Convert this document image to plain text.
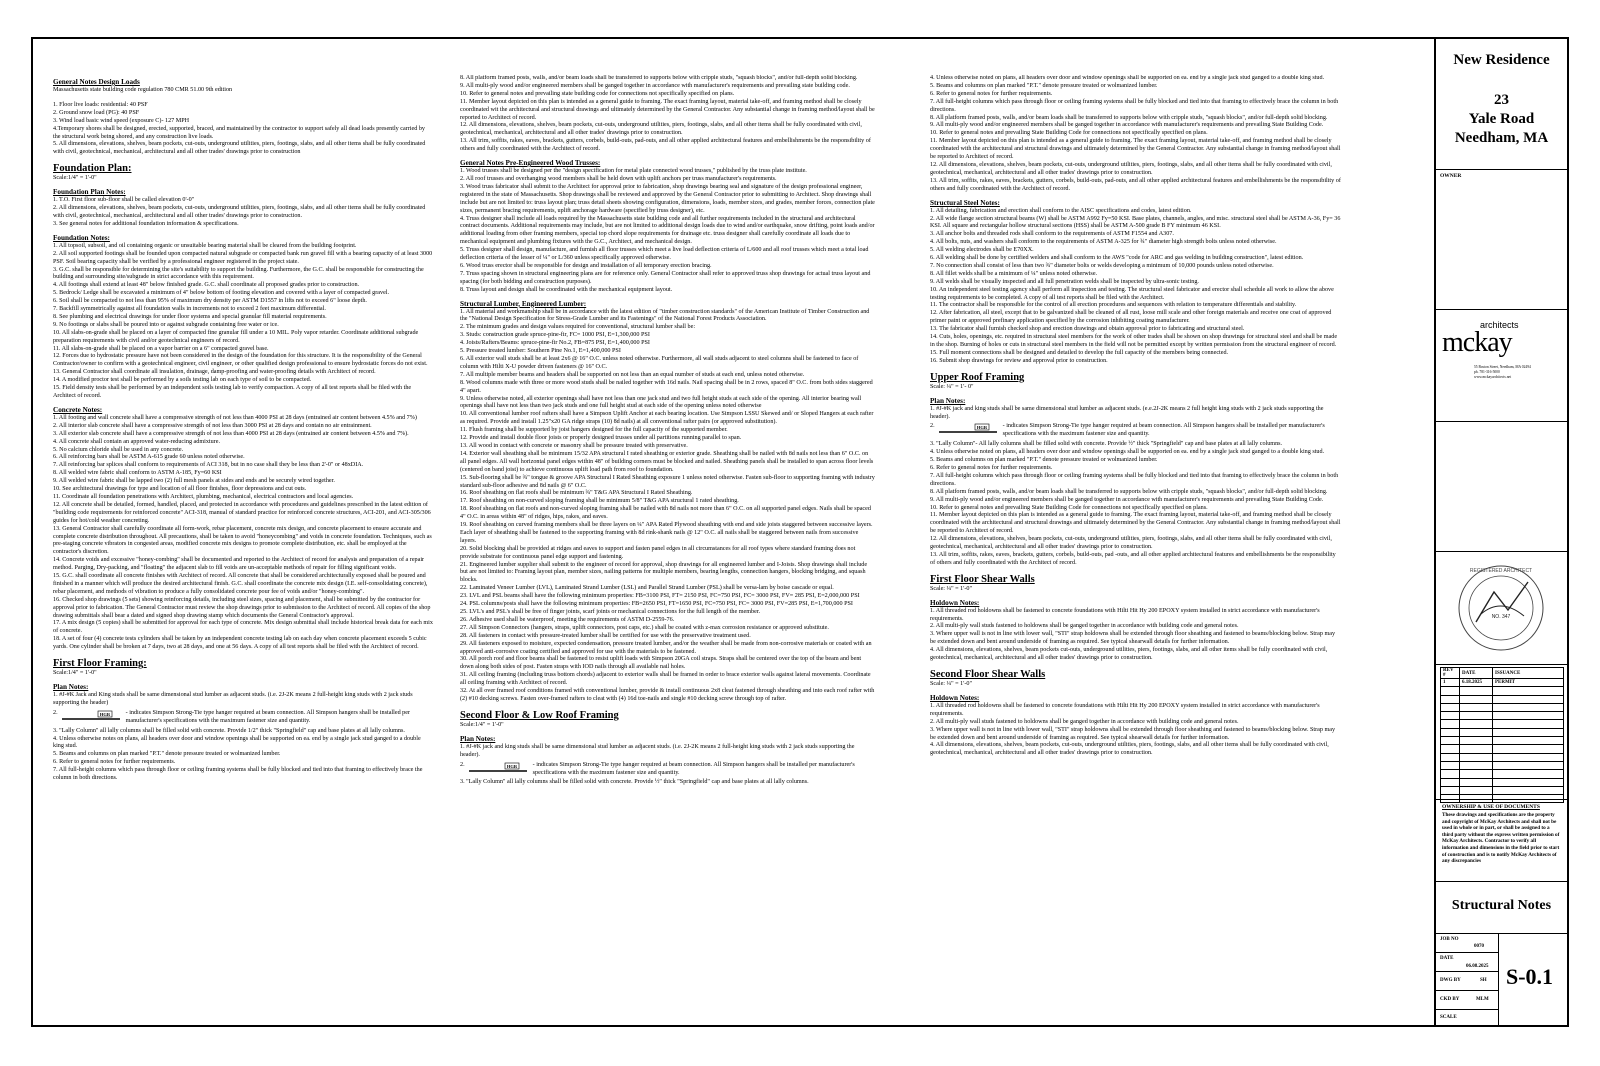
General Notes Design Loads
Massachusetts state building code regulation 780 CMR 51.00 9th edition
1. Floor live loads: residential: 40 PSF
2. Ground snow load (PG): 40 PSF
3. Wind load basic wind speed (exposure C)- 127 MPH
4.Temporary shores shall be designed, erected, supported, braced, and maintained by the contractor to support safely all dead loads presently carried by the structural work being shored, and any construction live loads.
5. All dimensions, elevations, shelves, beam pockets, cut-outs, underground utilities, piers, footings, slabs, and all other items shall be fully coordinated with civil, geotechnical, mechanical, architectural and all other trades' drawings prior to construction
Foundation Plan:
Scale:1/4" = 1'-0"
Foundation Plan Notes:
1. T.O. First floor sub-floor shall be called elevation 0'-0"
2. All dimensions, elevations, shelves, beam pockets, cut-outs, underground utilities, piers, footings, slabs, and all other items shall be fully coordinated with civil, geotechnical, mechanical, architectural and all other trades' drawings prior to construction.
3. See general notes for additional foundation information & specifications.
Foundation Notes:
1. All topsoil, subsoil, and oil containing organic or unsuitable bearing material shall be cleared from the building footprint.
2. All soil supported footings shall be founded upon compacted natural subgrade or compacted bank run gravel fill with a bearing capacity of at least 3000 PSF. Soil bearing capacity shall be verified by a professional engineer registered in the project state.
3. G.C. shall be responsible for determining the site's suitability to support the building. Furthermore, the G.C. shall be responsible for constructing the building and surrounding site/subgrade in strict accordance with this requirement.
4. All footings shall extend at least 48" below finished grade. G.C. shall coordinate all proposed grades prior to construction.
5. Bedrock/ Ledge shall be excavated a minimum of 4" below bottom of footing elevation and covered with a layer of compacted gravel.
6. Soil shall be compacted to not less than 95% of maximum dry density per ASTM D1557 in lifts not to exceed 6" loose depth.
7. Backfill symmetrically against all foundation walls in increments not to exceed 2 feet maximum differential.
8. See plumbing and electrical drawings for under floor systems and special granular fill material requirements.
9. No footings or slabs shall be poured into or against subgrade containing free water or ice.
10. All slabs-on-grade shall be placed on a layer of compacted fine granular fill under a 10 MIL. Poly vapor retarder. Coordinate additional subgrade preparation requirements with civil and/or geotechnical engineers of record.
11. All slabs-on-grade shall be placed on a vapor barrier on a 6" compacted gravel base.
12. Forces due to hydrostatic pressure have not been considered in the design of the foundation for this structure. It is the responsibility of the General Contractor/owner to confirm with a geotechnical engineer, civil engineer, or other qualified design professional to ensure hydrostatic forces do not exist.
13. General Contractor shall coordinate all insulation, drainage, damp-proofing and water-proofing details with Architect of record.
14. A modified proctor test shall be performed by a soils testing lab on each type of soil to be compacted.
15. Field density tests shall be performed by an independent soils testing lab to verify compaction. A copy of all test reports shall be filed with the Architect of record.
Concrete Notes:
1. All footing and wall concrete shall have a compressive strength of not less than 4000 PSI at 28 days (entrained air content between 4.5% and 7%)
2. All interior slab concrete shall have a compressive strength of not less than 3000 PSI at 28 days and contain no air entrainment.
3. All exterior slab concrete shall have a compressive strength of not less than 4000 PSI at 28 days (entrained air content between 4.5% and 7%).
4. All concrete shall contain an approved water-reducing admixture.
5. No calcium chloride shall be used in any concrete.
6. All reinforcing bars shall be ASTM A-615 grade 60 unless noted otherwise.
7. All reinforcing bar splices shall conform to requirements of ACI 318, but in no case shall they be less than 2'-0" or 48xDIA.
8. All welded wire fabric shall conform to ASTM A-185, Fy=60 KSI
9. All welded wire fabric shall be lapped two (2) full mesh panels at sides and ends and be securely wired together.
10. See architectural drawings for type and location of all floor finishes, floor depressions and cut outs.
11. Coordinate all foundation penetrations with Architect, plumbing, mechanical, electrical contractors and local agencies.
12. All concrete shall be detailed, formed, handled, placed, and protected in accordance with procedures and guidelines prescribed in the latest edition of "building code requirements for reinforced concrete" ACI-318, manual of standard practice for reinforced concrete structures, ACI-201, and ACI-305/306 guides for hot/cold weather concreting.
13. General Contractor shall carefully coordinate all form-work, rebar placement, concrete mix design, and concrete placement to ensure accurate and complete concrete distribution throughout. All precautions, shall be taken to avoid "honeycombing" and voids in concrete foundation. Techniques, such as pre-staging concrete vibrators in congested areas, modified concrete mix designs to promote complete distribution, etc. shall be employed at the contractor's discretion.
14. Concrete voids and excessive "honey-combing" shall be documented and reported to the Architect of record for analysis and preparation of a repair method. Parging, Dry-packing, and "floating" the adjacent slab to fill voids are un-acceptable methods of repair for filling significant voids.
15. G.C. shall coordinate all concrete finishes with Architect of record. All concrete that shall be considered architecturally exposed shall be poured and finished in a manner which will produce the desired architectural finish. G.C. shall coordinate the concrete mix design (I.E. self-consolidating concrete), rebar placement, and methods of vibration to produce a fully consolidated concrete pour fee of voids and/or "honey-combing".
16. Checked shop drawings (5 sets) showing reinforcing details, including steel sizes, spacing and placement, shall be submitted by the contractor for approval prior to fabrication. The General Contractor must review the shop drawings prior to submission to the Architect of record. All copies of the shop drawing submittals shall bear a dated and signed shop drawing stamp which documents the General Contractor's approval.
17. A mix design (5 copies) shall be submitted for approval for each type of concrete. Mix design submittal shall include historical break data for each mix of concrete.
18. A set of four (4) concrete tests cylinders shall be taken by an independent concrete testing lab on each day when concrete placement exceeds 5 cubic yards. One cylinder shall be broken at 7 days, two at 28 days, and one at 56 days. A copy of all test reports shall be filed with the Architect of record.
First Floor Framing:
Scale:1/4" = 1'-0"
Plan Notes:
1. #J-#K Jack and King studs shall be same dimensional stud lumber as adjacent studs. (i.e. 2J-2K means 2 full-height king studs with 2 jack studs supporting the header)
2.	HGR	- indicates Simpson Strong-Tie type hanger required at beam connection. All Simpson hangers shall be installed per manufacturer's specifications with the maximum fastener size and quantity.
3. "Lally Column" all lally columns shall be filled solid with concrete. Provide 1/2" thick "Springfield" cap and base plates at all lally columns.
4. Unless otherwise notes on plans, all headers over door and window openings shall be supported on ea. end by a single jack stud ganged to a double king stud.
5. Beams and columns on plan marked "P.T." denote pressure treated or wolmanized lumber.
6. Refer to general notes for further requirements.
7. All full-height columns which pass through floor or ceiling framing systems shall be fully blocked and tied into that framing to effectively brace the column in both directions.
8. All platform framed posts, walls, and/or beam loads shall be transferred to supports below with cripple studs, "squash blocks", and/or full-depth solid blocking.
9. All multi-ply wood and/or engineered members shall be ganged together in accordance with manufacturer's requirements and prevailing state building code.
10. Refer to general notes and prevailing state building code for connections not specifically specified on plans.
11. Member layout depicted on this plan is intended as a general guide to framing. The exact framing layout, material take-off, and framing method shall be closely coordinated wit the architectural and structural drawings and ultimately determined by the General Contractor. Any substantial change in framing method/layout shall be reported to Architect of record.
12. All dimensions, elevations, shelves, beam pockets, cut-outs, underground utilities, piers, footings, slabs, and all other items shall be fully coordinated with civil, geotechnical, mechanical, architectural and all other trades' drawings prior to construction.
13. All trim, soffits, rakes, eaves, brackets, gutters, corbels, build-outs, pad-outs, and all other applied architectural features and embellishments be the responsibility of others and fully coordinated with the Architect of record.
General Notes Pre-Engineered Wood Trusses:
1. Wood trusses shall be designed per the "design specification for metal plate connected wood trusses," published by the truss plate institute.
2. All roof trusses and overhanging wood members shall be held down with uplift anchors per truss manufacturer's requirements.
3. Wood truss fabricator shall submit to the Architect for approval prior to fabrication, shop drawings bearing seal and signature of the design professional engineer, registered in the state of Massachusetts. Shop drawings shall be reviewed and approved by the General Contractor prior to submitting to Architect. Shop drawings shall include but are not limited to: truss layout plan; truss detail sheets showing configuration, dimensions, loads, member sizes, and grades, member forces, connection plate sizes, permanent bracing requirements, uplift anchorage hardware (specified by truss designer), etc.
4. Truss designer shall include all loads required by the Massachusetts state building code and all further requirements included in the structural and architectural contract documents. Additional requirements may include, but are not limited to additional design loads due to wind and/or earthquake, snow drifting, point loads and/or additional loading from other framing members, special top chord slope requirements for drainage etc. truss designer shall carefully coordinate all loads due to mechanical equipment and plumbing fixtures with the G.C., Architect, and mechanical design.
5. Truss designer shall design, manufacture, and furnish all floor trusses which meet a live load deflection criteria of L/600 and all roof trusses which meet a total load deflection criteria of the lesser of ¼" or L/360 unless specifically approved otherwise.
6. Wood truss erector shall be responsible for design and installation of all temporary erection bracing.
7. Truss spacing shown in structural engineering plans are for reference only. General Contractor shall refer to approved truss shop drawings for actual truss layout and spacing (for both bidding and construction purposes).
8. Truss layout and design shall be coordinated with the mechanical equipment layout.
Structural Lumber, Engineered Lumber:
1. All material and workmanship shall be in accordance with the latest edition of "timber construction standards" of the American Institute of Timber Construction and the "National Design Specification for Stress-Grade Lumber and its Fastenings" of the National Forest Products Association.
2. The minimum grades and design values required for conventional, structural lumber shall be:
3. Studs: construction grade spruce-pine-fir, FC= 1000 PSI, E=1,300,000 PSI
4. Joists/Rafters/Beams: spruce-pine-fir No.2, FB=875 PSI, E=1,400,000 PSI
5. Pressure treated lumber: Southern Pine No.1, E=1,400,000 PSI
6. All exterior wall studs shall be at least 2x6 @ 16" O.C. unless noted otherwise. Furthermore, all wall studs adjacent to steel columns shall be fastened to face of column with Hilti X-U powder driven fasteners @ 16" O.C.
7. All multiple member beams and headers shall be supported on not less than an equal number of studs at each end, unless noted otherwise.
8. Wood columns made with three or more wood studs shall be nailed together with 16d nails. Nail spacing shall be in 2 rows, spaced 8" O.C. from both sides staggered 4" apart.
9. Unless otherwise noted, all exterior openings shall have not less than one jack stud and two full height studs at each side of the opening. All interior bearing wall openings shall have not less than two jack studs and one full height stud at each side of the opening unless noted otherwise
10. All conventional lumber roof rafters shall have a Simpson Uplift Anchor at each bearing location. Use Simpson LSSU Skewed and/ or Sloped Hangers at each rafter as required. Provide and install 1.25"x20 GA ridge straps (10) 8d nails) at all conventional rafter pairs (or approved substitution).
11. Flush framing shall be supported by joist hangers designed for the full capacity of the supported member.
12. Provide and install double floor joists or properly designed trusses under all partitions running parallel to span.
13. All wood in contact with concrete or masonry shall be pressure treated with preservative.
14. Exterior wall sheathing shall be minimum 15/32 APA structural I rated sheathing or exterior grade. Sheathing shall be nailed with 8d nails not less than 6" O.C. on all panel edges. All wall horizontal panel edges within 48" of building corners must be blocked and nailed. Sheathing panels shall be installed to span across floor levels (centered on band joist) to achieve continuous uplift load path from roof to foundation.
15. Sub-flooring shall be ¾" tongue & groove APA Structural I Rated Sheathing exposure 1 unless noted otherwise. Fasten sub-floor to supporting framing with industry standard sub-floor adhesive and 8d nails @ 6" O.C.
16. Roof sheathing on flat roofs shall be minimum ¾" T&G APA Structural I Rated Sheathing.
17. Roof sheathing on non-curved sloping framing shall be minimum 5/8" T&G APA structural 1 rated sheathing.
18. Roof sheathing on flat roofs and non-curved sloping framing shall be nailed with 8d nails not more than 6" O.C. on all supported panel edges. Nails shall be spaced 4" O.C. in areas within 48" of ridges, hips, rakes, and eaves.
19. Roof sheathing on curved framing members shall be three layers on ¼" APA Rated Plywood sheathing with end and side joists staggered between successive layers. Each layer of sheathing shall be fastened to the supporting framing with 8d rink-shank nails @ 12" O.C. all nails shall be staggered between nails from successive layers.
20. Solid blocking shall be provided at ridges and eaves to support and fasten panel edges in all circumstances for all roof types where standard framing does not provide substrate for continuous panel edge support and fastening.
21. Engineered lumber supplier shall submit to the engineer of record for approval, shop drawings for all engineered lumber and I-Joists. Shop drawings shall include but are not limited to: Framing layout plan, member sizes, nailing patterns for multiple members, bearing lengths, connection hangers, blocking bridging, and squash blocks.
22. Laminated Veneer Lumber (LVL), Laminated Strand Lumber (LSL) and Parallel Strand Lumber (PSL) shall be versa-lam by boise cascade or equal.
23. LVL and PSL beams shall have the following minimum properties: FB=3100 PSI, FT= 2150 PSI, FC=750 PSI, FC= 3000 PSI, FV= 285 PSI, E=2,000,000 PSI
24. PSL columns/posts shall have the following minimum properties: FB=2650 PSI, FT=1650 PSI, FC=750 PSI, FC= 3000 PSI, FV=285 PSI, E=1,700,000 PSI
25. LVL's and PSL's shall be free of finger joints, scarf joints or mechanical connections for the full length of the member.
26. Adhesive used shall be waterproof, meeting the requirements of ASTM D-2559-76.
27. All Simpson Connectors (hangers, straps, uplift connectors, post caps, etc.) shall be coated with z-max corrosion resistance or approved substitute.
28. All fasteners in contact with pressure-treated lumber shall be certified for use with the preservative treatment used.
29. All fasteners exposed to moisture, expected condensation, pressure treated lumber, and/or the weather shall be made from non-corrosive materials or coated with an approved anti-corrosive coating certified and approved for use with the materials to be fastened.
30. All porch roof and floor beams shall be fastened to resist uplift loads with Simpson 20GA coil straps. Straps shall be centered over the top of the beam and bent down along both sides of post. Fasten straps with IOD nails through all available nail holes.
31. All ceiling framing (including truss bottom chords) adjacent to exterior walls shall be framed in order to brace exterior walls against lateral movements. Coordinate all ceiling framing with Architect of record.
32. At all over framed roof conditions framed with conventional lumber, provide & install continuous 2x8 cleat fastened through sheathing and into each roof rafter with (2) #10 decking screws. Fasten over-framed rafters to cleat with (4) 16d toe-nails and single #10 decking screw through top of rafter.
Second Floor & Low Roof Framing
Scale:1/4" = 1'-0"
Plan Notes:
1. #J-#K jack and king studs shall be same dimensional stud lumber as adjacent studs. (i.e. 2J-2K means 2 full-height king studs with 2 jack studs supporting the header).
2.	HGR	- indicates Simpson Strong-Tie type hanger required at beam connection. All Simpson hangers shall be installed per manufacturer's specifications with the maximum fastener size and quantity.
3. "Lally Column" all lally columns shall be filled solid with concrete. Provide ½" thick "Springfield" cap and base plates at all lally columns.
4. Unless otherwise noted on plans, all headers over door and window openings shall be supported on ea. end by a single jack stud ganged to a double king stud.
5. Beams and columns on plan marked "P.T." denote pressure treated or wolmanized lumber.
6. Refer to general notes for further requirements.
7. All full-height columns which pass through floor or ceiling framing systems shall be fully blocked and tied into that framing to effectively brace the column in both directions.
8. All platform framed posts, walls, and/or beam loads shall be transferred to supports below with cripple studs, "squash blocks", and/or full-depth solid blocking.
9. All multi-ply wood and/or engineered members shall be ganged together in accordance with manufacturer's requirements and prevailing State Building Code.
10. Refer to general notes and prevailing State Building Code for connections not specifically specified on plans.
11. Member layout depicted on this plan is intended as a general guide to framing. The exact framing layout, material take-off, and framing method shall be closely coordinated with the architectural and structural drawings and ultimately determined by the General Contractor. Any substantial change in framing method/layout shall be reported to Architect of record.
12. All dimensions, elevations, shelves, beam pockets, cut-outs, underground utilities, piers, footings, slabs, and all other items shall be fully coordinated with civil, geotechnical, mechanical, architectural and all other trades' drawings prior to construction.
13. All trim, soffits, rakes, eaves, brackets, gutters, corbels, build-outs, pad-outs, and all other applied architectural features and embellishments be the responsibility of others and fully coordinated with the Architect of record.
Structural Steel Notes:
1. All detailing, fabrication and erection shall conform to the AISC specifications and codes, latest edition.
2. All wide flange section structural beams (W) shall be ASTM A992 Fy=50 KSI. Base plates, channels, angles, and misc. structural steel shall be ASTM A-36, Fy= 36 KSI. All square and rectangular hollow structural sections (HSS) shall be ASTM A-500 grade B FY minimum 46 KSI.
3. All anchor bolts and threaded rods shall conform to the requirements of ASTM F1554 and A307.
4. All bolts, nuts, and washers shall conform to the requirements of ASTM A-325 for ¾" diameter high strength bolts unless noted otherwise.
5. All welding electrodes shall be E70XX.
6. All welding shall be done by certified welders and shall conform to the AWS "code for ARC and gas welding in building construction", latest edition.
7. No connection shall consist of less than two ¾" diameter bolts or welds developing a minimum of 10,000 pounds unless noted otherwise.
8. All fillet welds shall be a minimum of ¼" unless noted otherwise.
9. All welds shall be visually inspected and all full penetration welds shall be inspected by ultra-sonic testing.
10. An independent steel testing agency shall perform all inspection and testing. The structural steel fabricator and erector shall schedule all work to allow the above testing requirements to be completed. A copy of all test reports shall be filed with the Architect.
11. The contractor shall be responsible for the control of all erection procedures and sequences with relation to temperature differentials and stability.
12. After fabrication, all steel, except that to be galvanized shall be cleaned of all rust, loose mill scale and other foreign materials and receive one coat of approved primer paint or approved prefinary application specified by the corrosion inhibiting coating manufacturer.
13. The fabricator shall furnish checked shop and erection drawings and obtain approval prior to fabricating and structural steel.
14. Cuts, holes, openings, etc. required in structural steel members for the work of other trades shall be shown on shop drawings for structural steel and shall be made in the shop. Burning of holes or cuts in structural steel members in the field will not be permitted except by written permission from the structural engineer of record.
15. Full moment connections shall be designed and detailed to develop the full capacity of the members being connected.
16. Submit shop drawings for review and approval prior to construction.
Upper Roof Framing
Scale: ¼" = 1'- 0"
Plan Notes:
1. #J-#K jack and king studs shall be same dimensional stud lumber as adjacent studs. (e.e.2J-2K means 2 full height king studs with 2 jack studs supporting the header).
2.	HGR	- indicates Simpson Strong-Tie type hanger required at beam connection. All Simpson hangers shall be installed per manufacturer's specifications with the maximum fastener size and quantity.
3. "Lally Column"- All lally columns shall be filled solid with concrete. Provide ½" thick "Springfield" cap and base plates at all lally columns.
4. Unless otherwise noted on plans, all headers over door and window openings shall be supported on ea. end by a single jack stud ganged to a double king stud.
5. Beams and columns on plan marked "P.T." denote pressure treated or wolmanized lumber.
6. Refer to general notes for further requirements.
7. All full-height columns which pass through floor or ceiling framing systems shall be fully blocked and tied into that framing to effectively brace the column in both directions.
8. All platform framed posts, walls, and/or beam loads shall be transferred to supports below with cripple studs, "squash blocks", and/or full-depth solid blocking.
9. All multi-ply wood and/or engineered members shall be ganged together in accordance with manufacturer's requirements and prevailing State Building Code.
10. Refer to general notes and prevailing State Building Code for connections not specifically specified on plans.
11. Member layout depicted on this plan is intended as a general guide to framing. The exact framing layout, material take-off, and framing method shall be closely coordinated with the architectural and structural drawings and ultimately determined by the General Contractor. Any substantial change in framing method/layout shall be reported to Architect of record.
12. All dimensions, elevations, shelves, beam pockets, cut-outs, underground utilities, piers, footings, slabs, and all other items shall be fully coordinated with civil, geotechnical, mechanical, architectural and all other trades' drawings prior to construction.
13. All trim, soffits, rakes, eaves, brackets, gutters, corbels, build-outs, pad -outs, and all other applied architectural features and embellishments be the responsibility of others and fully coordinated with the Architect of record.
First Floor Shear Walls
Scale: ¼" = 1'-0"
Holdown Notes:
1. All threaded rod holdowns shall be fastened to concrete foundations with Hilti Hit Hy 200 EPOXY system installed in strict accordance with manufacturer's requirements.
2. All multi-ply wall studs fastened to holdowns shall be ganged together in accordance with building code and general notes.
3. Where upper wall is not in line with lower wall, "STI" strap holdowns shall be extended through floor sheathing and fastened to beams/blocking below. Strap may be extended down and bent around underside of framing as required. See typical shearwall details for further information.
4. All dimensions, elevations, shelves, beam pockets cut-outs, underground utilities, piers, footings, slabs, and all other items shall be fully coordinated with civil, geotechnical, mechanical, architectural and all other trades' drawings prior to construction.
Second Floor Shear Walls
Scale: ¼" = 1'-0"
Holdown Notes:
1. All threaded rod holdowns shall be fastened to concrete foundations with Hilti Hit Hy 200 EPOXY system installed in strict accordance with manufacturer's requirements.
2. All multi-ply wall studs fastened to holdowns shall be ganged together in accordance with building code and general notes.
3. Where upper wall is not in line with lower wall, "STI" strap holdowns shall be extended through floor sheathing and fastened to beams/blocking below. Strap may be extended down and bent around underside of framing as required. See typical shearwall details for further information.
4. All dimensions, elevations, shelves, beam pockets, cut-outs, underground utilities, piers, footings, slabs, and all other items shall be fully coordinated with civil, geotechnical, mechanical, architectural and all other trades' drawings prior to construction.
New Residence
23
Yale Road
Needham, MA
OWNER
architects
mckay
55 Boston Street, Needham, MA 02494
ph. 781-316-5000
www.mckayarchitects.net
REGISTERED ARCHITECT
NO. 347
REV #	DATE	ISSUANCE
1	6.18.2025	PERMIT

OWNERSHIP & USE OF DOCUMENTS
These drawings and specifications are the property and copyright of McKay Architects and shall not be used in whole or in part, or shall be assigned to a third party without the express written permission of McKay Architects. Contractor to verify all information and dimensions in the field prior to start of construction and is to notify McKay Architects of any discrepancies
Structural Notes
JOB NO
0070
DATE
06.08.2025
DWG BY	SH
CKD BY	MLM
SCALE
S-0.1
